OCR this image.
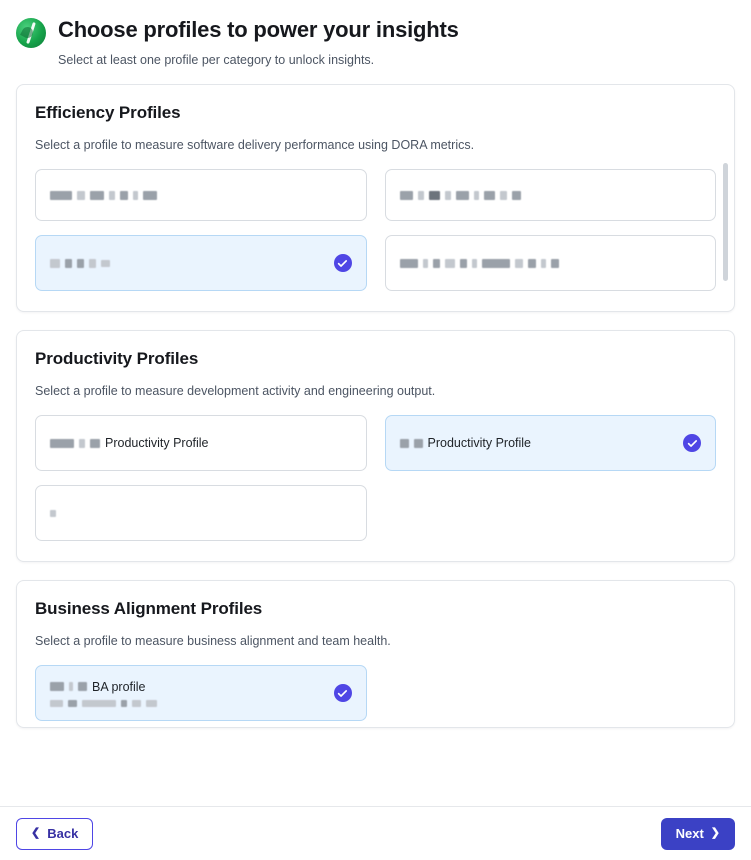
Choose profiles to power your insights

Select at least one profile per category to unlock insights.

Efficiency Profiles

Select a profile to measure software delivery performance using DORA metrics.

Productivity Profiles

Select a profile to measure development activity and engineering output.

Productivity Profile	Productivity Profile
Business Alignment Profiles

Select a profile to measure business alignment and team health.

BA profile
❮ Back	Next ❯
